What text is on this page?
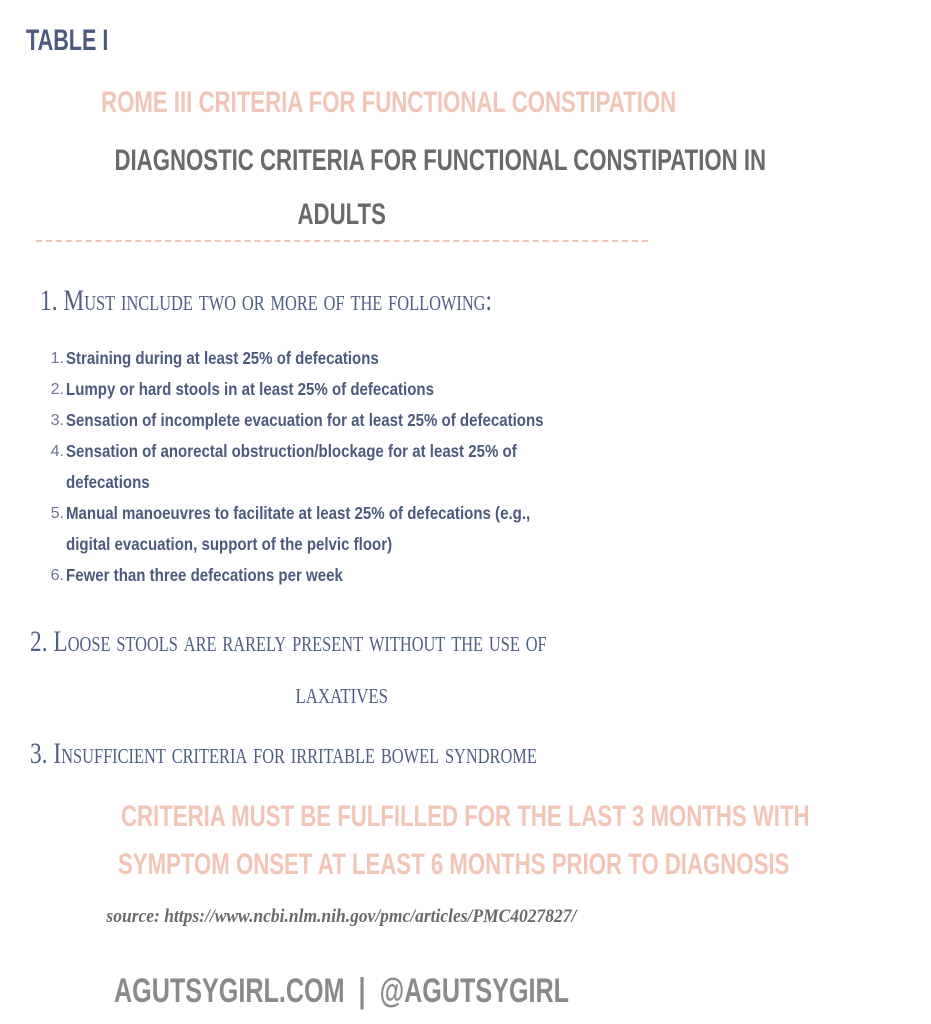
TABLE I
ROME III CRITERIA FOR FUNCTIONAL CONSTIPATION
DIAGNOSTIC CRITERIA FOR FUNCTIONAL CONSTIPATION IN
ADULTS
1. Must include two or more of the following:
1. Straining during at least 25% of defecations
2. Lumpy or hard stools in at least 25% of defecations
3. Sensation of incomplete evacuation for at least 25% of defecations
4. Sensation of anorectal obstruction/blockage for at least 25% of
defecations
5. Manual manoeuvres to facilitate at least 25% of defecations (e.g.,
digital evacuation, support of the pelvic floor)
6. Fewer than three defecations per week
2. Loose stools are rarely present without the use of
laxatives
3. Insufficient criteria for irritable bowel syndrome
CRITERIA MUST BE FULFILLED FOR THE LAST 3 MONTHS WITH
SYMPTOM ONSET AT LEAST 6 MONTHS PRIOR TO DIAGNOSIS
source: https://www.ncbi.nlm.nih.gov/pmc/articles/PMC4027827/
AGUTSYGIRL.COM  |  @AGUTSYGIRL
